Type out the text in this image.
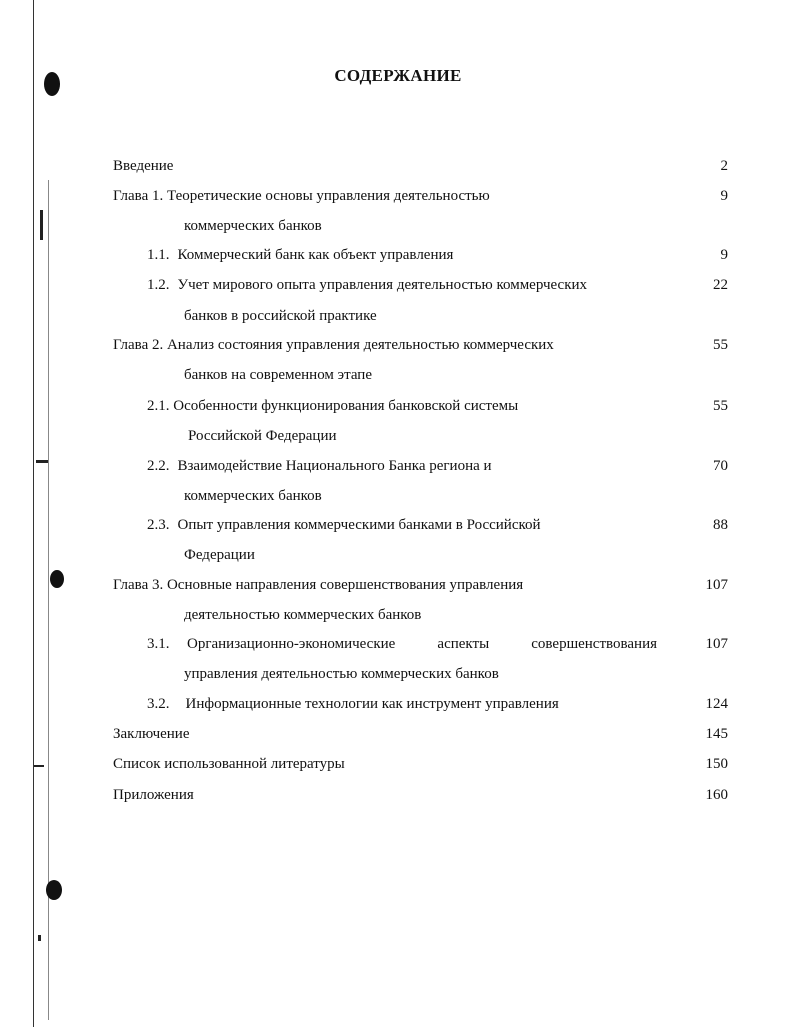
СОДЕРЖАНИЕ
Введение	2
Глава 1. Теоретические основы управления деятельностью	9
коммерческих банков
1.1. Коммерческий банк как объект управления	9
1.2. Учет мирового опыта управления деятельностью коммерческих	22
банков в российской практике
Глава 2. Анализ состояния управления деятельностью коммерческих	55
банков на современном этапе
2.1. Особенности функционирования банковской системы	55
Российской Федерации
2.2. Взаимодействие Национального Банка региона и	70
коммерческих банков
2.3. Опыт управления коммерческими банками в Российской	88
Федерации
Глава 3. Основные направления совершенствования управления	107
деятельностью коммерческих банков
3.1.	Организационно-экономические аспекты совершенствования	107
управления деятельностью коммерческих банков
3.2. Информационные технологии как инструмент управления	124
Заключение	145
Список использованной литературы	150
Приложения	160
